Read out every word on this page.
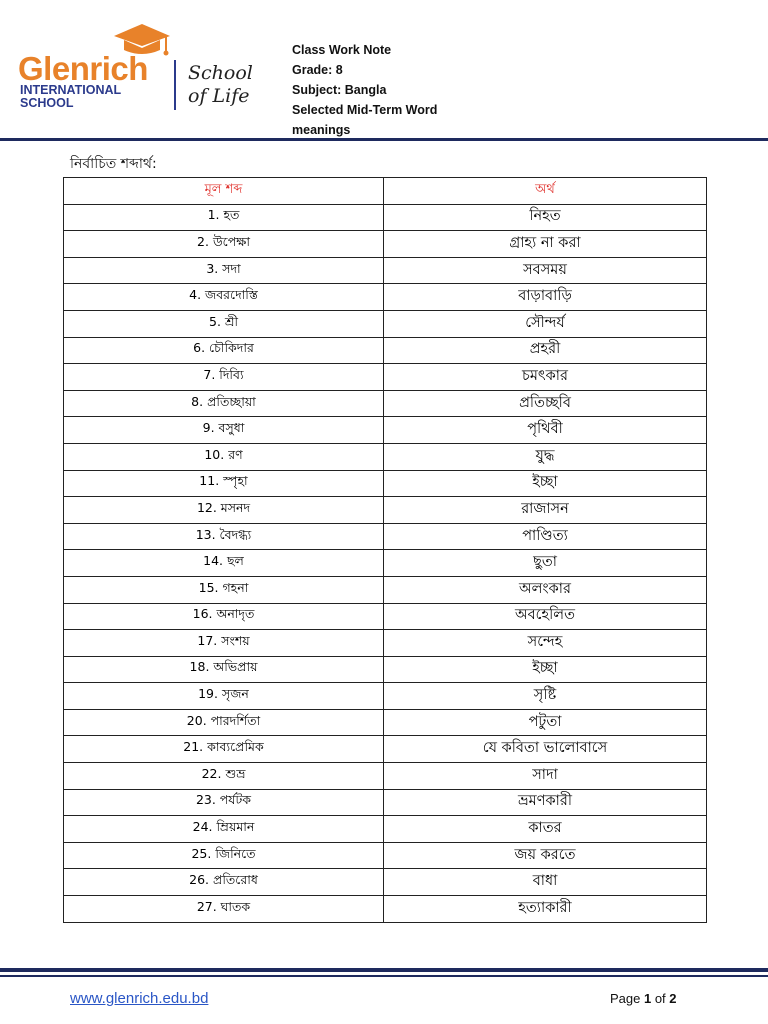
Glenrich
INTERNATIONAL
SCHOOL
School
of Life
Class Work Note
Grade: 8
Subject: Bangla
Selected Mid-Term Word
meanings
নির্বাচিত শব্দার্থ:
মূল শব্দ	অর্থ
1. হত	নিহত
2. উপেক্ষা	গ্রাহ্য না করা
3. সদা	সবসময়
4. জবরদোস্তি	বাড়াবাড়ি
5. শ্রী	সৌন্দর্য
6. চৌকিদার	প্রহরী
7. দিব্যি	চমৎকার
8. প্রতিচ্ছায়া	প্রতিচ্ছবি
9. বসুধা	পৃথিবী
10. রণ	যুদ্ধ
11. স্পৃহা	ইচ্ছা
12. মসনদ	রাজাসন
13. বৈদগ্ধ্য	পাণ্ডিত্য
14. ছল	ছুতা
15. গহনা	অলংকার
16. অনাদৃত	অবহেলিত
17. সংশয়	সন্দেহ
18. অভিপ্রায়	ইচ্ছা
19. সৃজন	সৃষ্টি
20. পারদর্শিতা	পটুতা
21. কাব্যপ্রেমিক	যে কবিতা ভালোবাসে
22. শুভ্র	সাদা
23. পর্যটক	ভ্রমণকারী
24. ম্রিয়মান	কাতর
25. জিনিতে	জয় করতে
26. প্রতিরোধ	বাধা
27. ঘাতক	হত্যাকারী
www.glenrich.edu.bd	Page 1 of 2
